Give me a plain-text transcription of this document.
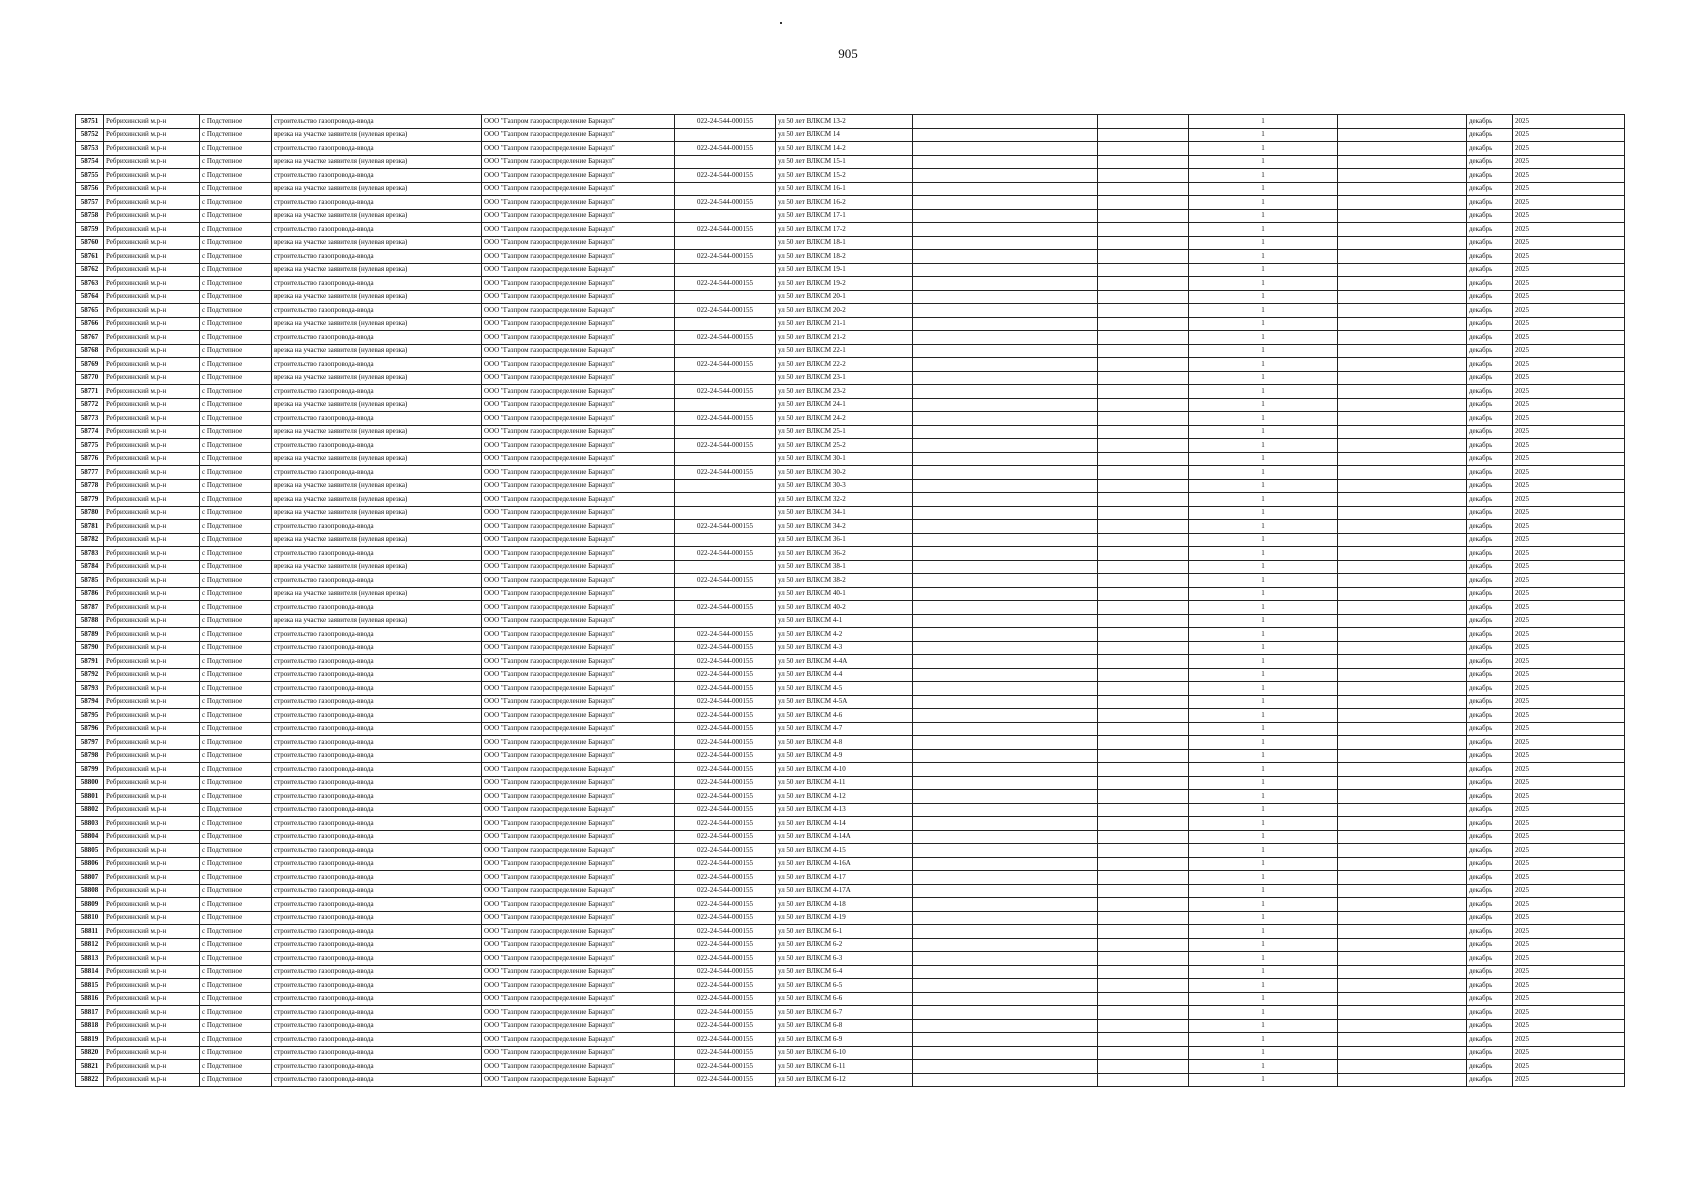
905
58751	Ребрихинский м.р-н	с Подстепное	строительство газопровода-ввода	ООО "Газпром газораспределение Барнаул"	022-24-544-000155	ул 50 лет ВЛКСМ 13-2			1		декабрь	2025
58752	Ребрихинский м.р-н	с Подстепное	врезка на участке заявителя (нулевая врезка)	ООО "Газпром газораспределение Барнаул"		ул 50 лет ВЛКСМ 14			1		декабрь	2025
58753	Ребрихинский м.р-н	с Подстепное	строительство газопровода-ввода	ООО "Газпром газораспределение Барнаул"	022-24-544-000155	ул 50 лет ВЛКСМ 14-2			1		декабрь	2025
58754	Ребрихинский м.р-н	с Подстепное	врезка на участке заявителя (нулевая врезка)	ООО "Газпром газораспределение Барнаул"		ул 50 лет ВЛКСМ 15-1			1		декабрь	2025
58755	Ребрихинский м.р-н	с Подстепное	строительство газопровода-ввода	ООО "Газпром газораспределение Барнаул"	022-24-544-000155	ул 50 лет ВЛКСМ 15-2			1		декабрь	2025
58756	Ребрихинский м.р-н	с Подстепное	врезка на участке заявителя (нулевая врезка)	ООО "Газпром газораспределение Барнаул"		ул 50 лет ВЛКСМ 16-1			1		декабрь	2025
58757	Ребрихинский м.р-н	с Подстепное	строительство газопровода-ввода	ООО "Газпром газораспределение Барнаул"	022-24-544-000155	ул 50 лет ВЛКСМ 16-2			1		декабрь	2025
58758	Ребрихинский м.р-н	с Подстепное	врезка на участке заявителя (нулевая врезка)	ООО "Газпром газораспределение Барнаул"		ул 50 лет ВЛКСМ 17-1			1		декабрь	2025
58759	Ребрихинский м.р-н	с Подстепное	строительство газопровода-ввода	ООО "Газпром газораспределение Барнаул"	022-24-544-000155	ул 50 лет ВЛКСМ 17-2			1		декабрь	2025
58760	Ребрихинский м.р-н	с Подстепное	врезка на участке заявителя (нулевая врезка)	ООО "Газпром газораспределение Барнаул"		ул 50 лет ВЛКСМ 18-1			1		декабрь	2025
58761	Ребрихинский м.р-н	с Подстепное	строительство газопровода-ввода	ООО "Газпром газораспределение Барнаул"	022-24-544-000155	ул 50 лет ВЛКСМ 18-2			1		декабрь	2025
58762	Ребрихинский м.р-н	с Подстепное	врезка на участке заявителя (нулевая врезка)	ООО "Газпром газораспределение Барнаул"		ул 50 лет ВЛКСМ 19-1			1		декабрь	2025
58763	Ребрихинский м.р-н	с Подстепное	строительство газопровода-ввода	ООО "Газпром газораспределение Барнаул"	022-24-544-000155	ул 50 лет ВЛКСМ 19-2			1		декабрь	2025
58764	Ребрихинский м.р-н	с Подстепное	врезка на участке заявителя (нулевая врезка)	ООО "Газпром газораспределение Барнаул"		ул 50 лет ВЛКСМ 20-1			1		декабрь	2025
58765	Ребрихинский м.р-н	с Подстепное	строительство газопровода-ввода	ООО "Газпром газораспределение Барнаул"	022-24-544-000155	ул 50 лет ВЛКСМ 20-2			1		декабрь	2025
58766	Ребрихинский м.р-н	с Подстепное	врезка на участке заявителя (нулевая врезка)	ООО "Газпром газораспределение Барнаул"		ул 50 лет ВЛКСМ 21-1			1		декабрь	2025
58767	Ребрихинский м.р-н	с Подстепное	строительство газопровода-ввода	ООО "Газпром газораспределение Барнаул"	022-24-544-000155	ул 50 лет ВЛКСМ 21-2			1		декабрь	2025
58768	Ребрихинский м.р-н	с Подстепное	врезка на участке заявителя (нулевая врезка)	ООО "Газпром газораспределение Барнаул"		ул 50 лет ВЛКСМ 22-1			1		декабрь	2025
58769	Ребрихинский м.р-н	с Подстепное	строительство газопровода-ввода	ООО "Газпром газораспределение Барнаул"	022-24-544-000155	ул 50 лет ВЛКСМ 22-2			1		декабрь	2025
58770	Ребрихинский м.р-н	с Подстепное	врезка на участке заявителя (нулевая врезка)	ООО "Газпром газораспределение Барнаул"		ул 50 лет ВЛКСМ 23-1			1		декабрь	2025
58771	Ребрихинский м.р-н	с Подстепное	строительство газопровода-ввода	ООО "Газпром газораспределение Барнаул"	022-24-544-000155	ул 50 лет ВЛКСМ 23-2			1		декабрь	2025
58772	Ребрихинский м.р-н	с Подстепное	врезка на участке заявителя (нулевая врезка)	ООО "Газпром газораспределение Барнаул"		ул 50 лет ВЛКСМ 24-1			1		декабрь	2025
58773	Ребрихинский м.р-н	с Подстепное	строительство газопровода-ввода	ООО "Газпром газораспределение Барнаул"	022-24-544-000155	ул 50 лет ВЛКСМ 24-2			1		декабрь	2025
58774	Ребрихинский м.р-н	с Подстепное	врезка на участке заявителя (нулевая врезка)	ООО "Газпром газораспределение Барнаул"		ул 50 лет ВЛКСМ 25-1			1		декабрь	2025
58775	Ребрихинский м.р-н	с Подстепное	строительство газопровода-ввода	ООО "Газпром газораспределение Барнаул"	022-24-544-000155	ул 50 лет ВЛКСМ 25-2			1		декабрь	2025
58776	Ребрихинский м.р-н	с Подстепное	врезка на участке заявителя (нулевая врезка)	ООО "Газпром газораспределение Барнаул"		ул 50 лет ВЛКСМ 30-1			1		декабрь	2025
58777	Ребрихинский м.р-н	с Подстепное	строительство газопровода-ввода	ООО "Газпром газораспределение Барнаул"	022-24-544-000155	ул 50 лет ВЛКСМ 30-2			1		декабрь	2025
58778	Ребрихинский м.р-н	с Подстепное	врезка на участке заявителя (нулевая врезка)	ООО "Газпром газораспределение Барнаул"		ул 50 лет ВЛКСМ 30-3			1		декабрь	2025
58779	Ребрихинский м.р-н	с Подстепное	врезка на участке заявителя (нулевая врезка)	ООО "Газпром газораспределение Барнаул"		ул 50 лет ВЛКСМ 32-2			1		декабрь	2025
58780	Ребрихинский м.р-н	с Подстепное	врезка на участке заявителя (нулевая врезка)	ООО "Газпром газораспределение Барнаул"		ул 50 лет ВЛКСМ 34-1			1		декабрь	2025
58781	Ребрихинский м.р-н	с Подстепное	строительство газопровода-ввода	ООО "Газпром газораспределение Барнаул"	022-24-544-000155	ул 50 лет ВЛКСМ 34-2			1		декабрь	2025
58782	Ребрихинский м.р-н	с Подстепное	врезка на участке заявителя (нулевая врезка)	ООО "Газпром газораспределение Барнаул"		ул 50 лет ВЛКСМ 36-1			1		декабрь	2025
58783	Ребрихинский м.р-н	с Подстепное	строительство газопровода-ввода	ООО "Газпром газораспределение Барнаул"	022-24-544-000155	ул 50 лет ВЛКСМ 36-2			1		декабрь	2025
58784	Ребрихинский м.р-н	с Подстепное	врезка на участке заявителя (нулевая врезка)	ООО "Газпром газораспределение Барнаул"		ул 50 лет ВЛКСМ 38-1			1		декабрь	2025
58785	Ребрихинский м.р-н	с Подстепное	строительство газопровода-ввода	ООО "Газпром газораспределение Барнаул"	022-24-544-000155	ул 50 лет ВЛКСМ 38-2			1		декабрь	2025
58786	Ребрихинский м.р-н	с Подстепное	врезка на участке заявителя (нулевая врезка)	ООО "Газпром газораспределение Барнаул"		ул 50 лет ВЛКСМ 40-1			1		декабрь	2025
58787	Ребрихинский м.р-н	с Подстепное	строительство газопровода-ввода	ООО "Газпром газораспределение Барнаул"	022-24-544-000155	ул 50 лет ВЛКСМ 40-2			1		декабрь	2025
58788	Ребрихинский м.р-н	с Подстепное	врезка на участке заявителя (нулевая врезка)	ООО "Газпром газораспределение Барнаул"		ул 50 лет ВЛКСМ 4-1			1		декабрь	2025
58789	Ребрихинский м.р-н	с Подстепное	строительство газопровода-ввода	ООО "Газпром газораспределение Барнаул"	022-24-544-000155	ул 50 лет ВЛКСМ 4-2			1		декабрь	2025
58790	Ребрихинский м.р-н	с Подстепное	строительство газопровода-ввода	ООО "Газпром газораспределение Барнаул"	022-24-544-000155	ул 50 лет ВЛКСМ 4-3			1		декабрь	2025
58791	Ребрихинский м.р-н	с Подстепное	строительство газопровода-ввода	ООО "Газпром газораспределение Барнаул"	022-24-544-000155	ул 50 лет ВЛКСМ 4-4А			1		декабрь	2025
58792	Ребрихинский м.р-н	с Подстепное	строительство газопровода-ввода	ООО "Газпром газораспределение Барнаул"	022-24-544-000155	ул 50 лет ВЛКСМ 4-4			1		декабрь	2025
58793	Ребрихинский м.р-н	с Подстепное	строительство газопровода-ввода	ООО "Газпром газораспределение Барнаул"	022-24-544-000155	ул 50 лет ВЛКСМ 4-5			1		декабрь	2025
58794	Ребрихинский м.р-н	с Подстепное	строительство газопровода-ввода	ООО "Газпром газораспределение Барнаул"	022-24-544-000155	ул 50 лет ВЛКСМ 4-5А			1		декабрь	2025
58795	Ребрихинский м.р-н	с Подстепное	строительство газопровода-ввода	ООО "Газпром газораспределение Барнаул"	022-24-544-000155	ул 50 лет ВЛКСМ 4-6			1		декабрь	2025
58796	Ребрихинский м.р-н	с Подстепное	строительство газопровода-ввода	ООО "Газпром газораспределение Барнаул"	022-24-544-000155	ул 50 лет ВЛКСМ 4-7			1		декабрь	2025
58797	Ребрихинский м.р-н	с Подстепное	строительство газопровода-ввода	ООО "Газпром газораспределение Барнаул"	022-24-544-000155	ул 50 лет ВЛКСМ 4-8			1		декабрь	2025
58798	Ребрихинский м.р-н	с Подстепное	строительство газопровода-ввода	ООО "Газпром газораспределение Барнаул"	022-24-544-000155	ул 50 лет ВЛКСМ 4-9			1		декабрь	2025
58799	Ребрихинский м.р-н	с Подстепное	строительство газопровода-ввода	ООО "Газпром газораспределение Барнаул"	022-24-544-000155	ул 50 лет ВЛКСМ 4-10			1		декабрь	2025
58800	Ребрихинский м.р-н	с Подстепное	строительство газопровода-ввода	ООО "Газпром газораспределение Барнаул"	022-24-544-000155	ул 50 лет ВЛКСМ 4-11			1		декабрь	2025
58801	Ребрихинский м.р-н	с Подстепное	строительство газопровода-ввода	ООО "Газпром газораспределение Барнаул"	022-24-544-000155	ул 50 лет ВЛКСМ 4-12			1		декабрь	2025
58802	Ребрихинский м.р-н	с Подстепное	строительство газопровода-ввода	ООО "Газпром газораспределение Барнаул"	022-24-544-000155	ул 50 лет ВЛКСМ 4-13			1		декабрь	2025
58803	Ребрихинский м.р-н	с Подстепное	строительство газопровода-ввода	ООО "Газпром газораспределение Барнаул"	022-24-544-000155	ул 50 лет ВЛКСМ 4-14			1		декабрь	2025
58804	Ребрихинский м.р-н	с Подстепное	строительство газопровода-ввода	ООО "Газпром газораспределение Барнаул"	022-24-544-000155	ул 50 лет ВЛКСМ 4-14А			1		декабрь	2025
58805	Ребрихинский м.р-н	с Подстепное	строительство газопровода-ввода	ООО "Газпром газораспределение Барнаул"	022-24-544-000155	ул 50 лет ВЛКСМ 4-15			1		декабрь	2025
58806	Ребрихинский м.р-н	с Подстепное	строительство газопровода-ввода	ООО "Газпром газораспределение Барнаул"	022-24-544-000155	ул 50 лет ВЛКСМ 4-16А			1		декабрь	2025
58807	Ребрихинский м.р-н	с Подстепное	строительство газопровода-ввода	ООО "Газпром газораспределение Барнаул"	022-24-544-000155	ул 50 лет ВЛКСМ 4-17			1		декабрь	2025
58808	Ребрихинский м.р-н	с Подстепное	строительство газопровода-ввода	ООО "Газпром газораспределение Барнаул"	022-24-544-000155	ул 50 лет ВЛКСМ 4-17А			1		декабрь	2025
58809	Ребрихинский м.р-н	с Подстепное	строительство газопровода-ввода	ООО "Газпром газораспределение Барнаул"	022-24-544-000155	ул 50 лет ВЛКСМ 4-18			1		декабрь	2025
58810	Ребрихинский м.р-н	с Подстепное	строительство газопровода-ввода	ООО "Газпром газораспределение Барнаул"	022-24-544-000155	ул 50 лет ВЛКСМ 4-19			1		декабрь	2025
58811	Ребрихинский м.р-н	с Подстепное	строительство газопровода-ввода	ООО "Газпром газораспределение Барнаул"	022-24-544-000155	ул 50 лет ВЛКСМ 6-1			1		декабрь	2025
58812	Ребрихинский м.р-н	с Подстепное	строительство газопровода-ввода	ООО "Газпром газораспределение Барнаул"	022-24-544-000155	ул 50 лет ВЛКСМ 6-2			1		декабрь	2025
58813	Ребрихинский м.р-н	с Подстепное	строительство газопровода-ввода	ООО "Газпром газораспределение Барнаул"	022-24-544-000155	ул 50 лет ВЛКСМ 6-3			1		декабрь	2025
58814	Ребрихинский м.р-н	с Подстепное	строительство газопровода-ввода	ООО "Газпром газораспределение Барнаул"	022-24-544-000155	ул 50 лет ВЛКСМ 6-4			1		декабрь	2025
58815	Ребрихинский м.р-н	с Подстепное	строительство газопровода-ввода	ООО "Газпром газораспределение Барнаул"	022-24-544-000155	ул 50 лет ВЛКСМ 6-5			1		декабрь	2025
58816	Ребрихинский м.р-н	с Подстепное	строительство газопровода-ввода	ООО "Газпром газораспределение Барнаул"	022-24-544-000155	ул 50 лет ВЛКСМ 6-6			1		декабрь	2025
58817	Ребрихинский м.р-н	с Подстепное	строительство газопровода-ввода	ООО "Газпром газораспределение Барнаул"	022-24-544-000155	ул 50 лет ВЛКСМ 6-7			1		декабрь	2025
58818	Ребрихинский м.р-н	с Подстепное	строительство газопровода-ввода	ООО "Газпром газораспределение Барнаул"	022-24-544-000155	ул 50 лет ВЛКСМ 6-8			1		декабрь	2025
58819	Ребрихинский м.р-н	с Подстепное	строительство газопровода-ввода	ООО "Газпром газораспределение Барнаул"	022-24-544-000155	ул 50 лет ВЛКСМ 6-9			1		декабрь	2025
58820	Ребрихинский м.р-н	с Подстепное	строительство газопровода-ввода	ООО "Газпром газораспределение Барнаул"	022-24-544-000155	ул 50 лет ВЛКСМ 6-10			1		декабрь	2025
58821	Ребрихинский м.р-н	с Подстепное	строительство газопровода-ввода	ООО "Газпром газораспределение Барнаул"	022-24-544-000155	ул 50 лет ВЛКСМ 6-11			1		декабрь	2025
58822	Ребрихинский м.р-н	с Подстепное	строительство газопровода-ввода	ООО "Газпром газораспределение Барнаул"	022-24-544-000155	ул 50 лет ВЛКСМ 6-12			1		декабрь	2025
